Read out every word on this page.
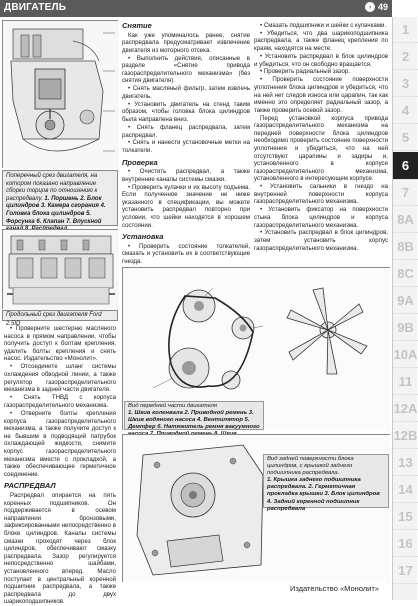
ДВИГАТЕЛЬ	› 49
1
2
3
4
5
6
7
8A
8B
8C
9A
9B
10A
11
12A
12B
13
14
15
16
17
Поперечный срез двигателя, на котором показано направление сборки торцов по отношению к распредвалу. 1. Поршень 2. Блок цилиндров 3. Камера сгорания 4. Головка блока цилиндров 5. Форсунка 6. Клапан 7. Впускной
Продольный срез двигателя Ford 2,5ID

• Проверните шестерню масляного насоса в прямом направлении, чтобы получить доступ к болтам крепления, удалить болты крепления и снять насос. Издательство «Монолит».

• Отсоедините шланг системы охлаждения обводной линии, а также регулятор газораспределительного механизма в задней части двигателя.

• Снять ТНВД с корпуса газораспределительного механизма.

• Отверните болты крепления корпуса газораспределительного механизма, а также получите доступ к не бывшим в подводящий патрубок охлаждающей жидкости, снимите корпус газораспределительного механизма вместе с прокладкой, а также обеспечивающее герметичное соединение.

РАСПРЕДВАЛ

Распредвал опирается на пять коренных подшипников. Он поддерживается в осевом направлении бронзовыми, зафиксированными непосредственно в блоке цилиндров. Каналы системы смазки проходят через блок цилиндров, обеспечивают смазку распредвала. Зазор регулируется непосредственно шайбами, установленного вперед. Масло поступает в центральный коренной подшипник распредвала, а также распредвала до двух шарикоподшипников.

Снятие

Как уже упоминалось ранее, снятие распредвала предусматривает извлечение двигателя из моторного отсека.

• Выполнить действия, описанные в разделе «Снятие привода газораспределительного механизма» (без снятия двигателя).

• Снять масляный фильтр, затем извлечь двигатель.

• Установить двигатель на стенд таким образом, чтобы головка блока цилиндров была направлена вниз.

• Снять фланец распредвала, затем распредвал.

• Снять и нанести установочные метки на толкатели.

Проверка

• Очистить распредвал, а также внутренние каналы системы смазки.

• Проверить кулачки и их высоту подъема. Если полученное значение не ниже указанного в спецификации, вы можете установить распредвал повторно при условии, что шейки находятся в хорошем состоянии.

Установка

• Проверить состояние толкателей, смазать и установить их в соответствующие гнезда.

• Смазать подшипники и шейки с кулачками.

• Убедиться, что два шарикоподшипника распредвала, а также фланец крепления по краям, находятся на месте.

• Установить распредвал в блок цилиндров и убедиться, что он свободно вращается.

• Проверить радиальный зазор.

• Проверить состояние поверхности уплотнения блока цилиндров и убедиться, что на ней нет следов износа или царапин, так как именно это определяет радиальный зазор, а также проверить осевой зазор.

Перед установкой корпуса привода газораспределительного механизма на передней поверхности блока цилиндров необходимо проверить состояние поверхности уплотнения и убедиться, что на ней отсутствуют царапины и задиры и, установленного в корпусе газораспределительного механизма, установленного в интересующем корпусе.

• Установить сальники в гнездо на внутренней поверхности корпуса газораспределительного механизма.

• Установить фиксатор на поверхности стыка блока цилиндров и корпуса газораспределительного механизма.

• Установить распредвал в блок цилиндров, затем установить корпус газораспределительного механизма.

Вид передней части двигателя
1. Шкив коленвала 2. Приводной ремень 3. Шкив водяного насоса 4. Вентилятор 5. Демпфер 6. Натяжитель ремня вакуумного
Вид задней поверхности блока цилиндров, с крышкой заднего подшипника распредвала.
1. Крышка заднего подшипника распредвала. 2. Герметичная прокладка крышки 3. Блок цилиндров 4. Задний коренной подшипник распредвала
Издательство «Монолит»
